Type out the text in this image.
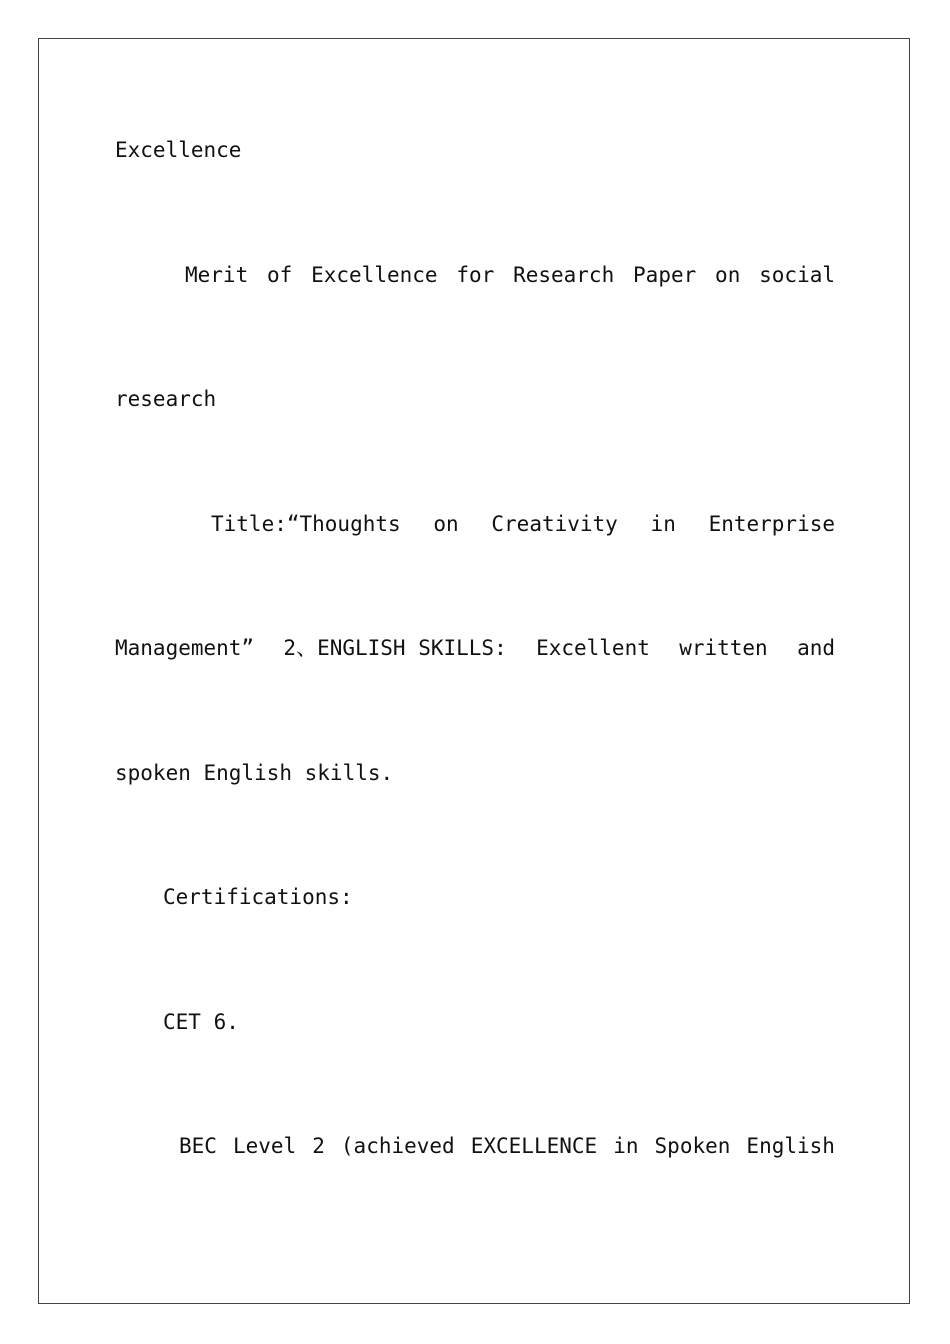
Excellence
Merit of Excellence for Research Paper on social
research
Title:“Thoughts on Creativity in Enterprise
Management” 2、ENGLISH SKILLS: Excellent written and
spoken English skills.
Certifications:
CET 6.
BEC Level 2 (achieved EXCELLENCE in Spoken English
